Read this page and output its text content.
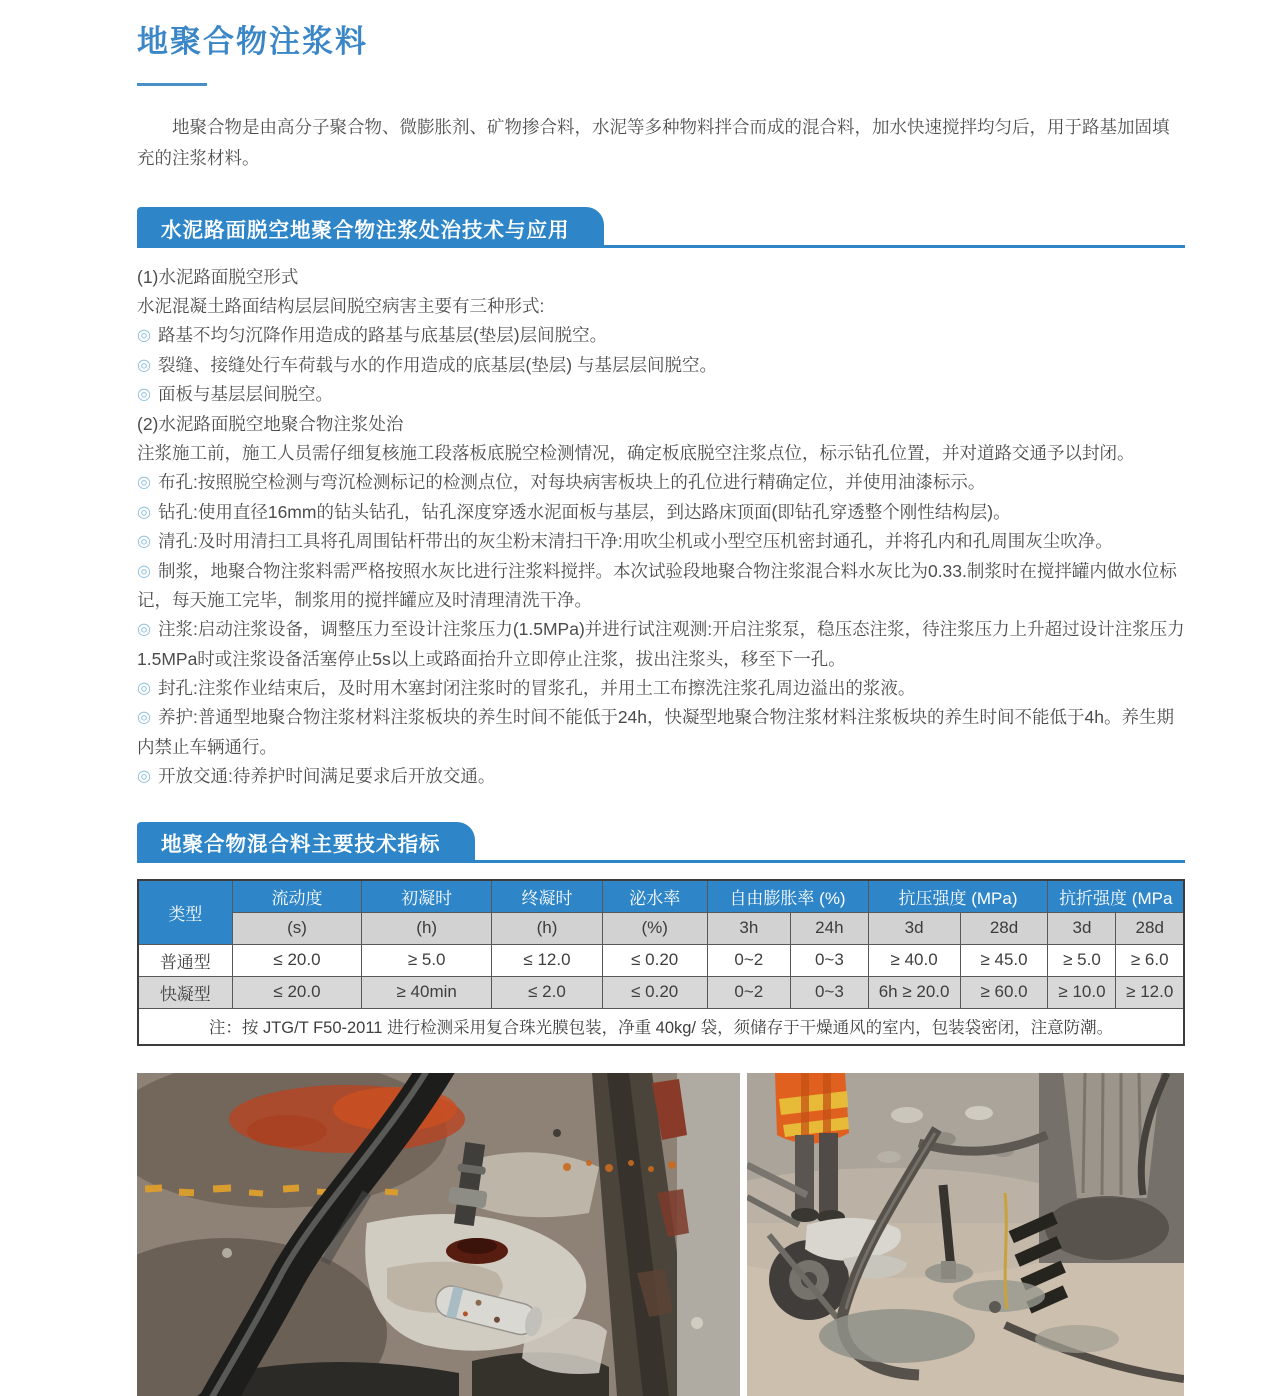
地聚合物注浆料

地聚合物是由高分子聚合物、微膨胀剂、矿物掺合料，水泥等多种物料拌合而成的混合料，加水快速搅拌均匀后，用于路基加固填充的注浆材料。

水泥路面脱空地聚合物注浆处治技术与应用

(1)水泥路面脱空形式

水泥混凝土路面结构层层间脱空病害主要有三种形式:

◎ 路基不均匀沉降作用造成的路基与底基层(垫层)层间脱空。

◎ 裂缝、接缝处行车荷载与水的作用造成的底基层(垫层) 与基层层间脱空。

◎ 面板与基层层间脱空。

(2)水泥路面脱空地聚合物注浆处治

注浆施工前，施工人员需仔细复核施工段落板底脱空检测情况，确定板底脱空注浆点位，标示钻孔位置，并对道路交通予以封闭。

◎ 布孔:按照脱空检测与弯沉检测标记的检测点位，对每块病害板块上的孔位进行精确定位，并使用油漆标示。

◎ 钻孔:使用直径16mm的钻头钻孔，钻孔深度穿透水泥面板与基层，到达路床顶面(即钻孔穿透整个刚性结构层)。

◎ 清孔:及时用清扫工具将孔周围钻杆带出的灰尘粉末清扫干净:用吹尘机或小型空压机密封通孔，并将孔内和孔周围灰尘吹净。

◎ 制浆，地聚合物注浆料需严格按照水灰比进行注浆料搅拌。本次试验段地聚合物注浆混合料水灰比为0.33.制浆时在搅拌罐内做水位标记，每天施工完毕，制浆用的搅拌罐应及时清理清洗干净。

◎ 注浆:启动注浆设备，调整压力至设计注浆压力(1.5MPa)并进行试注观测:开启注浆泵，稳压态注浆，待注浆压力上升超过设计注浆压力1.5MPa时或注浆设备活塞停止5s以上或路面抬升立即停止注浆，拔出注浆头，移至下一孔。

◎ 封孔:注浆作业结束后，及时用木塞封闭注浆时的冒浆孔，并用土工布擦洗注浆孔周边溢出的浆液。

◎ 养护:普通型地聚合物注浆材料注浆板块的养生时间不能低于24h，快凝型地聚合物注浆材料注浆板块的养生时间不能低于4h。养生期内禁止车辆通行。

◎ 开放交通:待养护时间满足要求后开放交通。

地聚合物混合料主要技术指标
类型	流动度	初凝时	终凝时	泌水率	自由膨胀率 (%)		抗压强度 (MPa)		抗折强度 (MPa	
	(s)	(h)	(h)	(%)	3h	24h	3d	28d	3d	28d
普通型	≤ 20.0	≥ 5.0	≤ 12.0	≤ 0.20	0~2	0~3	≥ 40.0	≥ 45.0	≥ 5.0	≥ 6.0
快凝型	≤ 20.0	≥ 40min	≤ 2.0	≤ 0.20	0~2	0~3	6h ≥ 20.0	≥ 60.0	≥ 10.0	≥ 12.0
注：按 JTG/T F50-2011 进行检测采用复合珠光膜包装，净重 40kg/ 袋，须储存于干燥通风的室内，包装袋密闭，注意防潮。										
